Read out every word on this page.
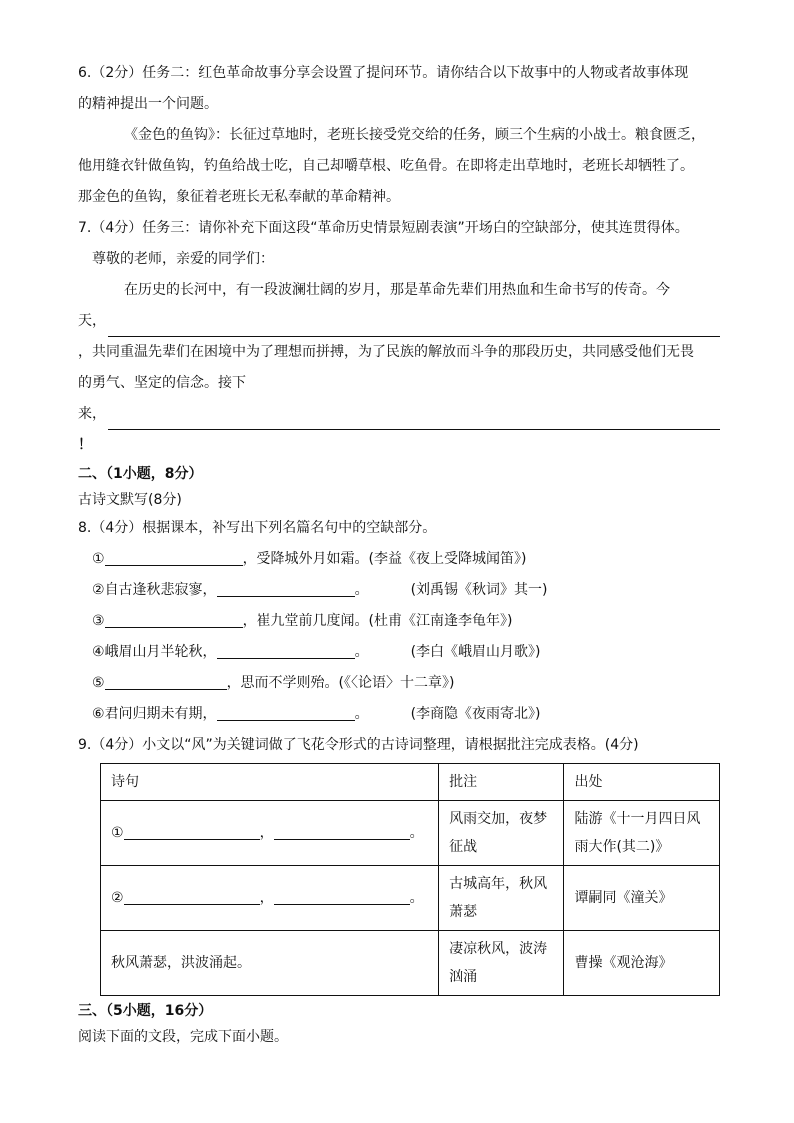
6.（2分）任务二：红色革命故事分享会设置了提问环节。请你结合以下故事中的人物或者故事体现
的精神提出一个问题。
《金色的鱼钩》：长征过草地时，老班长接受党交给的任务，顾三个生病的小战士。粮食匮乏，
他用缝衣针做鱼钩，钓鱼给战士吃，自己却嚼草根、吃鱼骨。在即将走出草地时，老班长却牺牲了。
那金色的鱼钩，象征着老班长无私奉献的革命精神。
7.（4分）任务三：请你补充下面这段“革命历史情景短剧表演”开场白的空缺部分，使其连贯得体。
尊敬的老师，亲爱的同学们：
在历史的长河中，有一段波澜壮阔的岁月，那是革命先辈们用热血和生命书写的传奇。今
天，
，共同重温先辈们在困境中为了理想而拼搏，为了民族的解放而斗争的那段历史，共同感受他们无畏
的勇气、坚定的信念。接下
来，
！
二、（1小题，8分）
古诗文默写(8分)
8.（4分）根据课本，补写出下列名篇名句中的空缺部分。
①	，受降城外月如霜。(李益《夜上受降城闻笛》)
②自古逢秋悲寂寥，	。	(刘禹锡《秋词》其一)
③	，崔九堂前几度闻。(杜甫《江南逢李龟年》)
④峨眉山月半轮秋，	。	(李白《峨眉山月歌》)
⑤	，思而不学则殆。(《〈论语〉十二章》)
⑥君问归期未有期，	。	(李商隐《夜雨寄北》)
9.（4分）小文以“风”为关键词做了飞花令形式的古诗词整理，请根据批注完成表格。(4分)
诗句	批注	出处
① ， 。	风雨交加，夜梦征战	陆游《十一月四日风雨大作(其二)》
② ， 。	古城高年，秋风萧瑟	谭嗣同《潼关》
秋风萧瑟，洪波涌起。	凄凉秋风，波涛汹涌	曹操《观沧海》
三、（5小题，16分）
阅读下面的文段，完成下面小题。
